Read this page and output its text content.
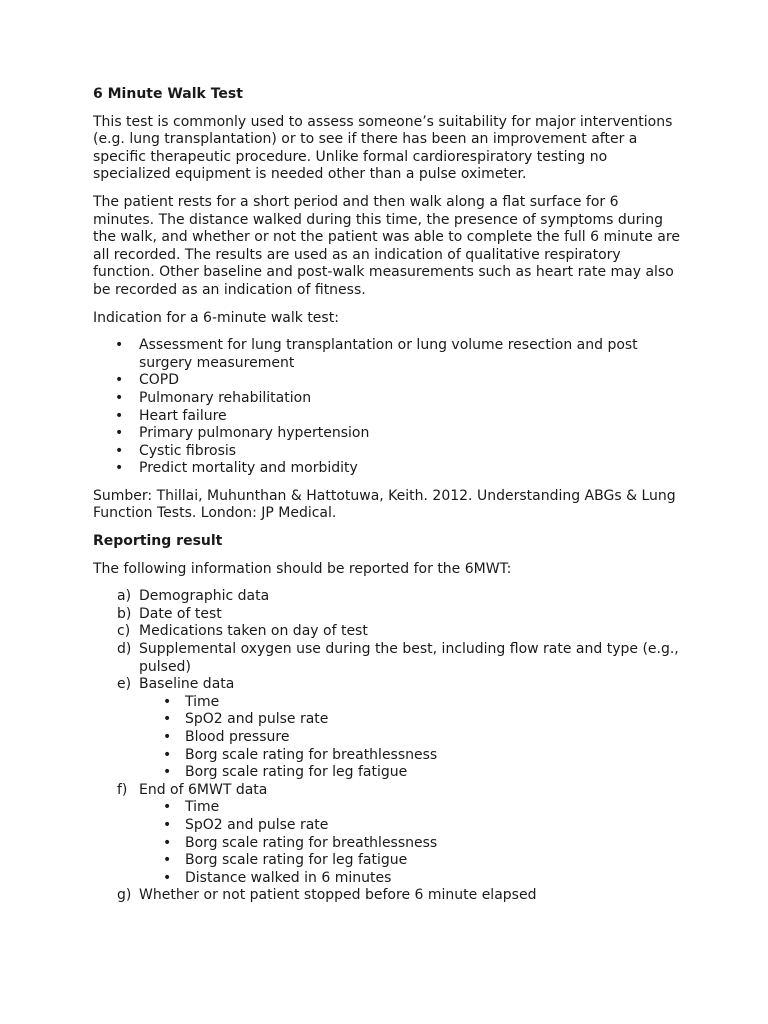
6 Minute Walk Test

This test is commonly used to assess someone’s suitability for major interventions (e.g. lung transplantation) or to see if there has been an improvement after a specific therapeutic procedure. Unlike formal cardiorespiratory testing no specialized equipment is needed other than a pulse oximeter.

The patient rests for a short period and then walk along a flat surface for 6 minutes. The distance walked during this time, the presence of symptoms during the walk, and whether or not the patient was able to complete the full 6 minute are all recorded. The results are used as an indication of qualitative respiratory function. Other baseline and post-walk measurements such as heart rate may also be recorded as an indication of fitness.

Indication for a 6-minute walk test:

• Assessment for lung transplantation or lung volume resection and post surgery measurement
• COPD
• Pulmonary rehabilitation
• Heart failure
• Primary pulmonary hypertension
• Cystic fibrosis
• Predict mortality and morbidity

Sumber: Thillai, Muhunthan & Hattotuwa, Keith. 2012. Understanding ABGs & Lung Function Tests. London: JP Medical.

Reporting result

The following information should be reported for the 6MWT:

a) Demographic data
b) Date of test
c) Medications taken on day of test
d) Supplemental oxygen use during the best, including flow rate and type (e.g., pulsed)
e) Baseline data
• Time
• SpO2 and pulse rate
• Blood pressure
• Borg scale rating for breathlessness
• Borg scale rating for leg fatigue
f) End of 6MWT data
• Time
• SpO2 and pulse rate
• Borg scale rating for breathlessness
• Borg scale rating for leg fatigue
• Distance walked in 6 minutes
g) Whether or not patient stopped before 6 minute elapsed
